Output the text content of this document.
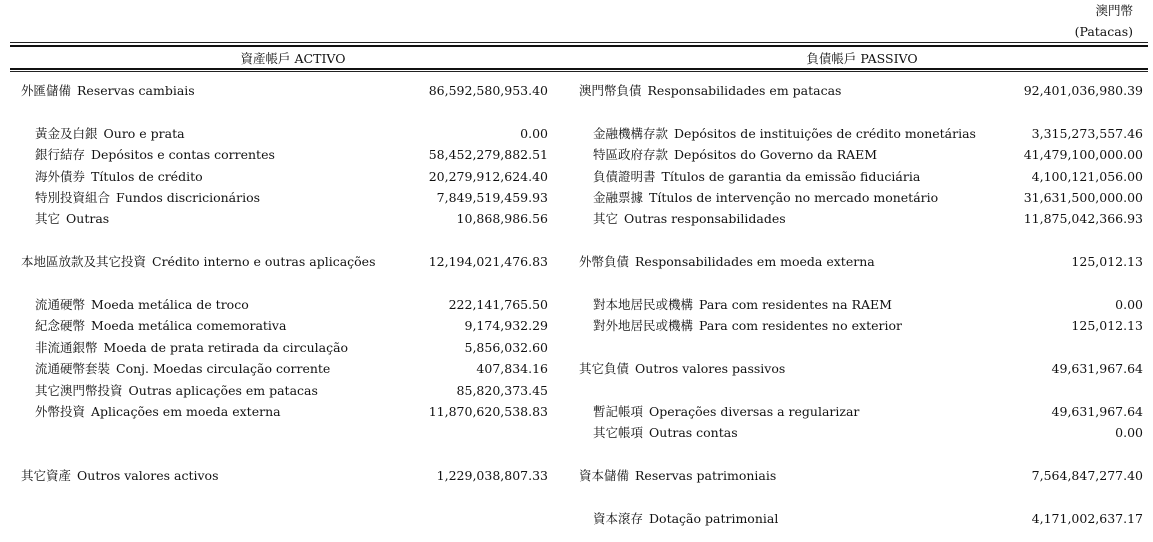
澳門幣
(Patacas)
資產帳戶 ACTIVO	負債帳戶 PASSIVO
外匯儲備 Reservas cambiais	86,592,580,953.40
黃金及白銀 Ouro e prata	0.00
銀行結存 Depósitos e contas correntes	58,452,279,882.51
海外債券 Títulos de crédito	20,279,912,624.40
特別投資組合 Fundos discricionários	7,849,519,459.93
其它 Outras	10,868,986.56
本地區放款及其它投資 Crédito interno e outras aplicações	12,194,021,476.83
流通硬幣 Moeda metálica de troco	222,141,765.50
紀念硬幣 Moeda metálica comemorativa	9,174,932.29
非流通銀幣 Moeda de prata retirada da circulação	5,856,032.60
流通硬幣套裝 Conj. Moedas circulação corrente	407,834.16
其它澳門幣投資 Outras aplicações em patacas	85,820,373.45
外幣投資 Aplicações em moeda externa	11,870,620,538.83
其它資產 Outros valores activos	1,229,038,807.33
澳門幣負債 Responsabilidades em patacas	92,401,036,980.39
金融機構存款 Depósitos de instituições de crédito monetárias	3,315,273,557.46
特區政府存款 Depósitos do Governo da RAEM	41,479,100,000.00
負債證明書 Títulos de garantia da emissão fiduciária	4,100,121,056.00
金融票據 Títulos de intervenção no mercado monetário	31,631,500,000.00
其它 Outras responsabilidades	11,875,042,366.93
外幣負債 Responsabilidades em moeda externa	125,012.13
對本地居民或機構 Para com residentes na RAEM	0.00
對外地居民或機構 Para com residentes no exterior	125,012.13
其它負債 Outros valores passivos	49,631,967.64
暫記帳項 Operações diversas a regularizar	49,631,967.64
其它帳項 Outras contas	0.00
資本儲備 Reservas patrimoniais	7,564,847,277.40
資本滾存 Dotação patrimonial	4,171,002,637.17
